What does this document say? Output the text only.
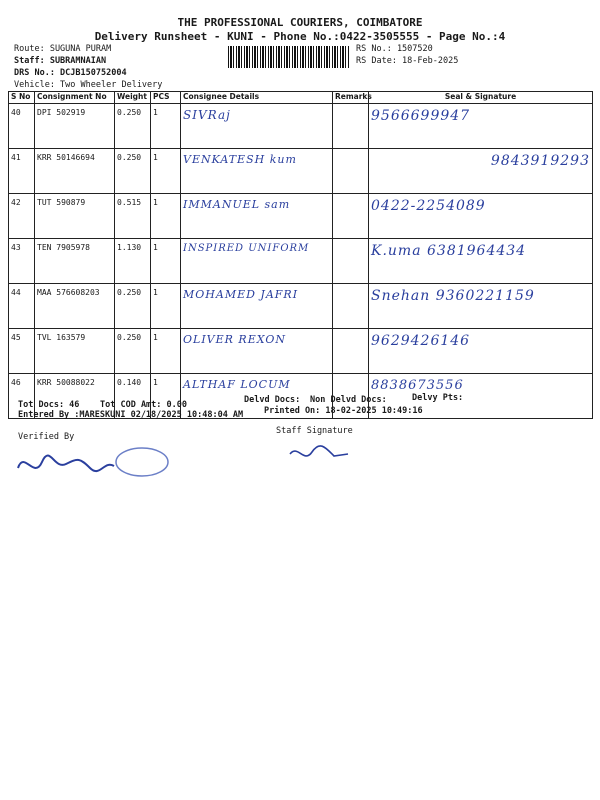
THE PROFESSIONAL COURIERS, COIMBATORE
Delivery Runsheet - KUNI - Phone No.:0422-3505555 - Page No.:4
Route: SUGUNA PURAM
Staff: SUBRAMNAIAN
DRS No.: DCJB150752004
Vehicle: Two Wheeler Delivery
RS No.: 1507520
RS Date: 18-Feb-2025
S No	Consignment No	Weight	PCS	Consignee Details	Remarks	Seal & Signature
40	DPI 502919	0.250	1	SIVRaj		9566699947
41	KRR 50146694	0.250	1	VENKATESH kum		9843919293
42	TUT 590879	0.515	1	IMMANUEL sam		0422-2254089
43	TEN 7905978	1.130	1	INSPIRED UNIFORM		K.uma 6381964434
44	MAA 576608203	0.250	1	MOHAMED JAFRI		Snehan 9360221159
45	TVL 163579	0.250	1	OLIVER REXON		9629426146
46	KRR 50088022	0.140	1	ALTHAF LOCUM		8838673556
Tot Docs: 46 Tot COD Amt: 0.00	Delvd Docs: Non Delvd Docs:	Delvy Pts:
Entered By :MARESKUNI 02/18/2025 10:48:04 AM Printed On: 18-02-2025 10:49:16
Verified By
Staff Signature
